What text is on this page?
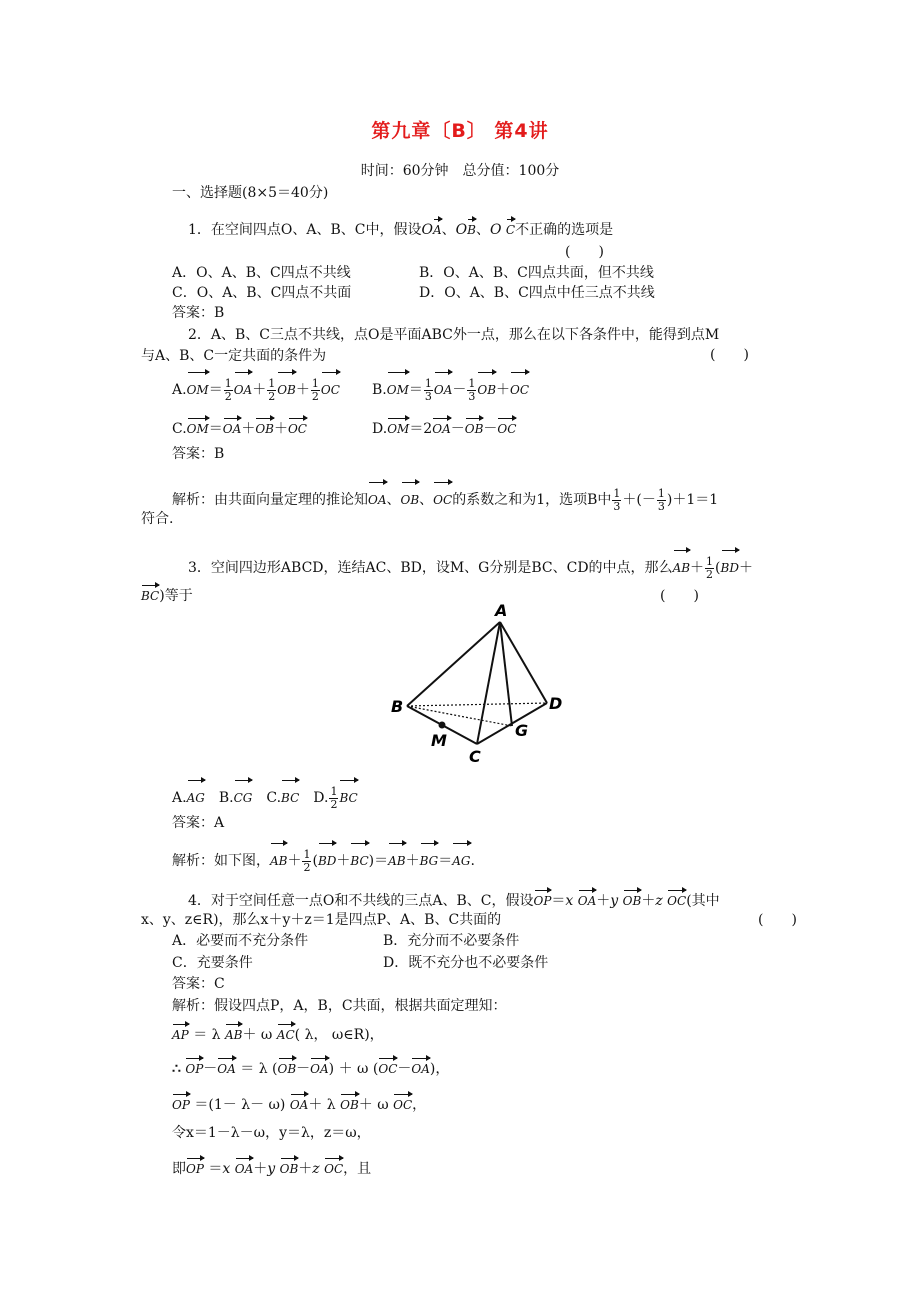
第九章〔B〕 第4讲
时间：60分钟　总分值：100分
一、选择题(8×5＝40分)
1．在空间四点O、A、B、C中，假设OA、OB、O C不正确的选项是
(　　)
A．O、A、B、C四点不共线	B．O、A、B、C四点共面，但不共线
C．O、A、B、C四点不共面	D．O、A、B、C四点中任三点不共线
答案：B
2．A、B、C三点不共线，点O是平面ABC外一点，那么在以下各条件中，能得到点M
与A、B、C一定共面的条件为	(　　)
$A.OM= \frac{1}{2} OA+ \frac{1}{2} OB+ \frac{1}{2}$ OC $B.OM= \frac{1}{3} OA- \frac{1}{3} OB+OC$
C.OM＝OA＋OB＋OC	D.OM＝2OA－OB－OC
答案：B
解析：由共面向量定理的推论知OA、OB、OC的系数之和为1，选项B中 $\frac{1}{3}$ ＋(－ $\frac{1}{3} )+1=1$
符合.
3．空间四边形ABCD，连结AC、BD，设M、G分别是BC、CD的中点，那么$AB+ \frac{1}{2} (BD+$
BC)等于	(　　)
A
B
C
D
G
M
A.AG　B.CG　C.BC　D. $\frac{1}{2}$ BC
答案：A
解析：如下图，$AB+ \frac{1}{2} (BD+BC)=AB+BG=AG$.
4．对于空间任意一点O和不共线的三点A、B、C，假设OP＝x OA＋y OB＋z OC(其中
x、y、z∈R)，那么x＋y＋z＝1是四点P、A、B、C共面的	(　　)
A．必要而不充分条件	B．充分而不必要条件
C．充要条件	D．既不充分也不必要条件
答案：C
解析：假设四点P，A，B，C共面，根据共面定理知：
AP ＝ λ AB＋ ω AC( λ， ω∈R)，
∴ OP－OA ＝ λ (OB－OA) ＋ ω (OC－OA)，
OP ＝(1－ λ－ ω) OA＋ λ OB＋ ω OC，
令x＝1－λ－ω，y＝λ，z＝ω，
即OP ＝x OA＋y OB＋z OC，且
